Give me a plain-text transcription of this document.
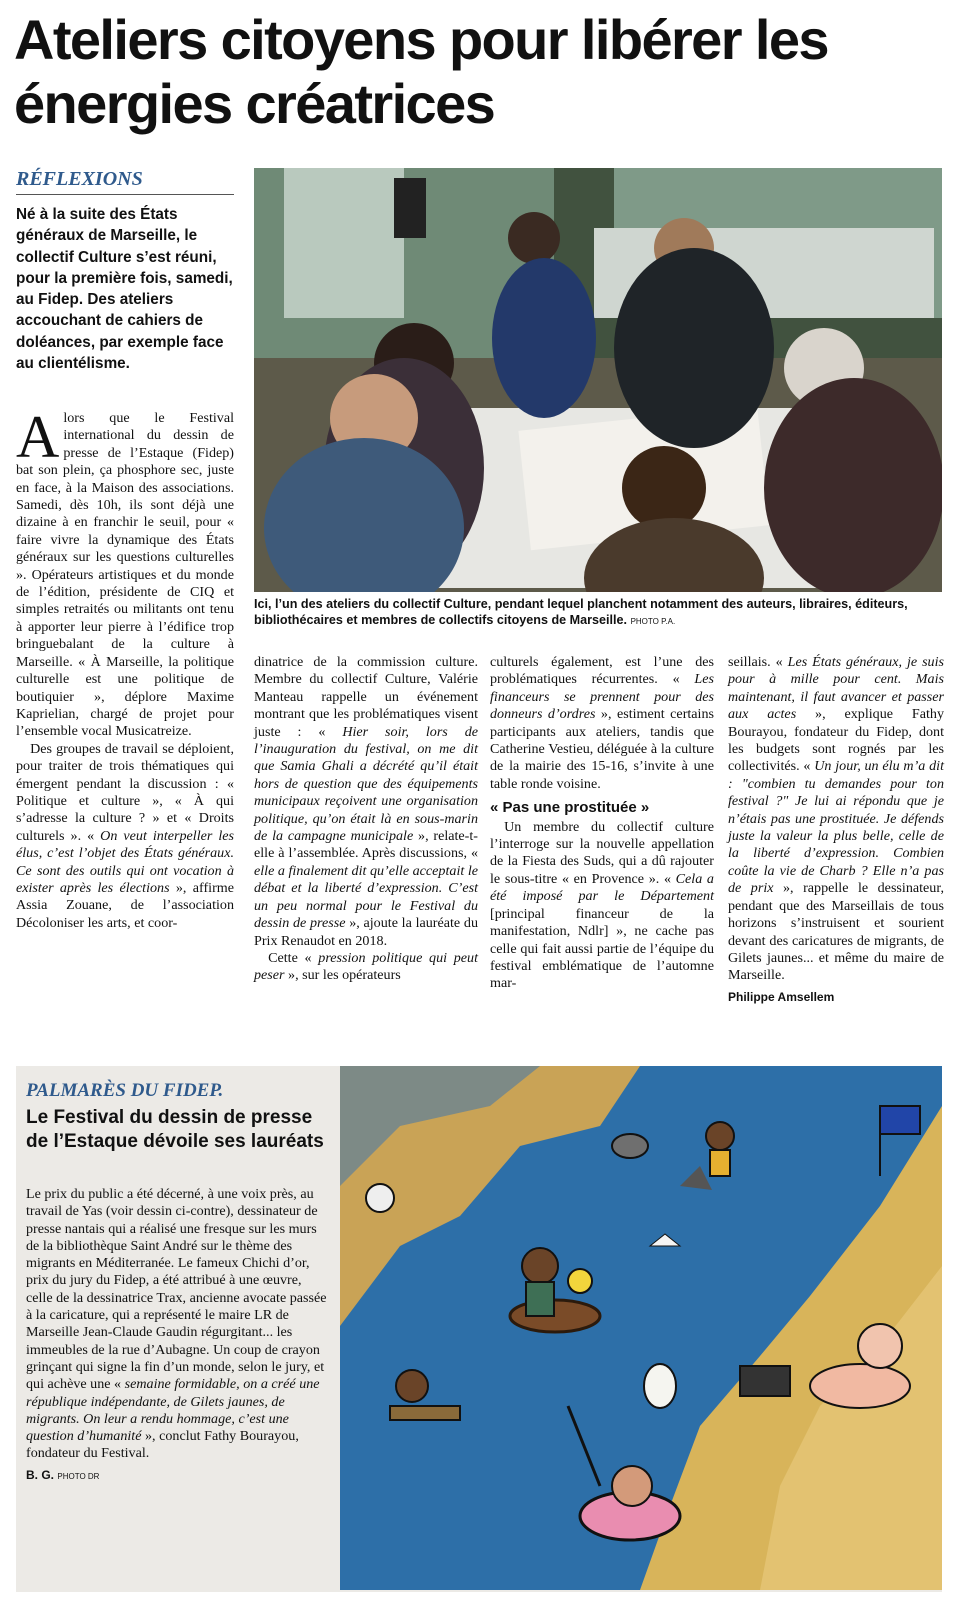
Ateliers citoyens pour libérer les énergies créatrices
RÉFLEXIONS
Né à la suite des États généraux de Marseille, le collectif Culture s’est réuni, pour la première fois, samedi, au Fidep. Des ateliers accouchant de cahiers de doléances, par exemple face au clientélisme.
Ici, l’un des ateliers du collectif Culture, pendant lequel planchent notamment des auteurs, libraires, éditeurs, bibliothécaires et membres de collectifs citoyens de Marseille. PHOTO P.A.

Alors que le Festival international du dessin de presse de l’Estaque (Fidep) bat son plein, ça phosphore sec, juste en face, à la Maison des associations. Samedi, dès 10h, ils sont déjà une dizaine à en franchir le seuil, pour « faire vivre la dynamique des États généraux sur les questions culturelles ». Opérateurs artistiques et du monde de l’édition, présidente de CIQ et simples retraités ou militants ont tenu à apporter leur pierre à l’édifice trop bringuebalant de la culture à Marseille. « À Marseille, la politique culturelle est une politique de boutiquier », déplore Maxime Kaprielian, chargé de projet pour l’ensemble vocal Musicatreize.

Des groupes de travail se déploient, pour traiter de trois thématiques qui émergent pendant la discussion : « Politique et culture », « À qui s’adresse la culture ? » et « Droits culturels ». « On veut interpeller les élus, c’est l’objet des États généraux. Ce sont des outils qui ont vocation à exister après les élections », affirme Assia Zouane, de l’association Décoloniser les arts, et coor-

dinatrice de la commission culture. Membre du collectif Culture, Valérie Manteau rappelle un événement montrant que les problématiques visent juste : « Hier soir, lors de l’inauguration du festival, on me dit que Samia Ghali a décrété qu’il était hors de question que des équipements municipaux reçoivent une organisation politique, qu’on était là en sous-marin de la campagne municipale », relate-t-elle à l’assemblée. Après discussions, « elle a finalement dit qu’elle acceptait le débat et la liberté d’expression. C’est un peu normal pour le Festival du dessin de presse », ajoute la lauréate du Prix Renaudot en 2018.

Cette « pression politique qui peut peser », sur les opérateurs

culturels également, est l’une des problématiques récurrentes. « Les financeurs se prennent pour des donneurs d’ordres », estiment certains participants aux ateliers, tandis que Catherine Vestieu, déléguée à la culture de la mairie des 15-16, s’invite à une table ronde voisine.

« Pas une prostituée »

Un membre du collectif culture l’interroge sur la nouvelle appellation de la Fiesta des Suds, qui a dû rajouter le sous-titre « en Provence ». « Cela a été imposé par le Département [principal financeur de la manifestation, Ndlr] », ne cache pas celle qui fait aussi partie de l’équipe du festival emblématique de l’automne mar-

seillais. « Les États généraux, je suis pour à mille pour cent. Mais maintenant, il faut avancer et passer aux actes », explique Fathy Bourayou, fondateur du Fidep, dont les budgets sont rognés par les collectivités. « Un jour, un élu m’a dit : "combien tu demandes pour ton festival ?" Je lui ai répondu que je n’étais pas une prostituée. Je défends juste la valeur la plus belle, celle de la liberté d’expression. Combien coûte la vie de Charb ? Elle n’a pas de prix », rappelle le dessinateur, pendant que des Marseillais de tous horizons s’instruisent et sourient devant des caricatures de migrants, de Gilets jaunes... et même du maire de Marseille.

Philippe Amsellem

PALMARÈS DU FIDEP.
Le Festival du dessin de presse de l’Estaque dévoile ses lauréats

Le prix du public a été décerné, à une voix près, au travail de Yas (voir dessin ci-contre), dessinateur de presse nantais qui a réalisé une fresque sur les murs de la bibliothèque Saint André sur le thème des migrants en Méditerranée. Le fameux Chichi d’or, prix du jury du Fidep, a été attribué à une œuvre, celle de la dessinatrice Trax, ancienne avocate passée à la caricature, qui a représenté le maire LR de Marseille Jean-Claude Gaudin régurgitant... les immeubles de la rue d’Aubagne. Un coup de crayon grinçant qui signe la fin d’un monde, selon le jury, et qui achève une « semaine formidable, on a créé une république indépendante, de Gilets jaunes, de migrants. On leur a rendu hommage, c’est une question d’humanité », conclut Fathy Bourayou, fondateur du Festival.

B. G. PHOTO DR
